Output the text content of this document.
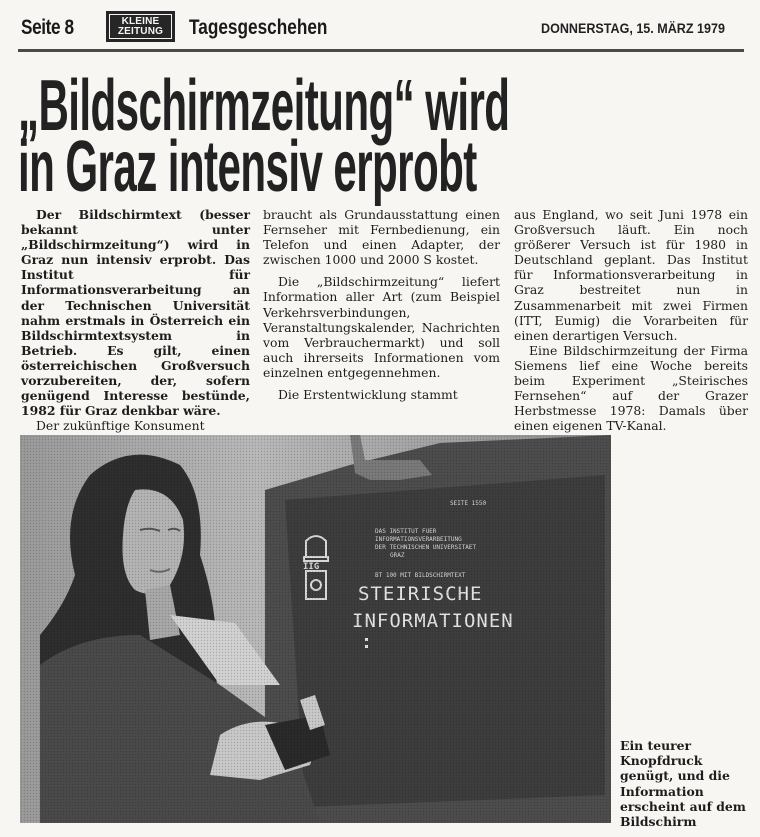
Seite 8	KLEINE
ZEITUNG Tagesgeschehen	DONNERSTAG, 15. MÄRZ 1979
„Bildschirmzeitung“ wird
in Graz intensiv erprobt

Der Bildschirmtext (besser bekannt unter „Bildschirmzeitung“) wird in Graz nun intensiv erprobt. Das Institut für Informationsverarbeitung an der Technischen Universität nahm erstmals in Österreich ein Bildschirmtextsystem in Betrieb. Es gilt, einen österreichischen Großversuch vorzubereiten, der, sofern genügend Interesse bestünde, 1982 für Graz denkbar wäre.

Der zukünftige Konsument

braucht als Grundausstattung einen Fernseher mit Fernbedienung, ein Telefon und einen Adapter, der zwischen 1000 und 2000 S kostet.

Die „Bildschirmzeitung“ liefert Information aller Art (zum Beispiel Verkehrsverbindungen, Veranstaltungskalender, Nachrichten vom Verbrauchermarkt) und soll auch ihrerseits Informationen vom einzelnen entgegennehmen.

Die Erstentwicklung stammt

aus England, wo seit Juni 1978 ein Großversuch läuft. Ein noch größerer Versuch ist für 1980 in Deutschland geplant. Das Institut für Informationsverarbeitung in Graz bestreitet nun in Zusammenarbeit mit zwei Firmen (ITT, Eumig) die Vorarbeiten für einen derartigen Versuch.

Eine Bildschirmzeitung der Firma Siemens lief eine Woche bereits beim Experiment „Steirisches Fernsehen“ auf der Grazer Herbstmesse 1978: Damals über einen eigenen TV-Kanal.

Ein teurer Knopfdruck genügt, und die Information erscheint auf dem Bildschirm
